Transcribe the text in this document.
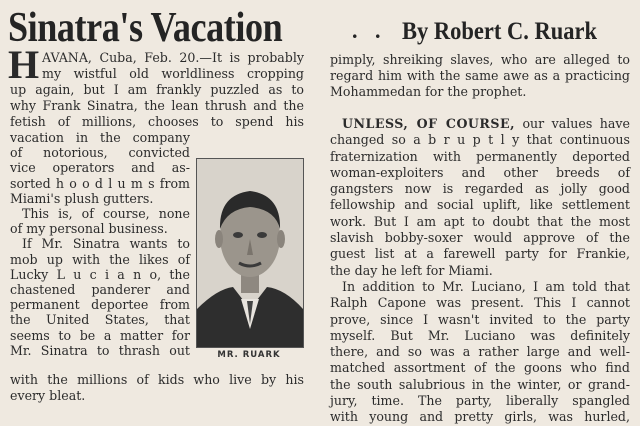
Sinatra's Vacation	. . By Robert C. Ruark
H AVANA, Cuba, Feb. 20.—It is probably
my wistful old worldliness cropping
up again, but I am frankly puzzled as to
why Frank Sinatra, the lean thrush and the
fetish of millions, chooses to spend his
vacation in the company
of notorious, convicted
vice operators and as-
sorted h o o d l u m s from
Miami's plush gutters.
This is, of course, none
of my personal business.
If Mr. Sinatra wants to
mob up with the likes of
Lucky L u c i a n o, the
chastened panderer and
permanent deportee from
the United States, that
seems to be a matter for
Mr. Sinatra to thrash out	MR. RUARK
with the millions of kids who live by his
every bleat.
pimply, shreiking slaves, who are alleged to
regard him with the same awe as a practicing
Mohammedan for the prophet.
UNLESS, OF COURSE, our values have
changed so a b r u p t l y that continuous
fraternization with permanently deported
woman-exploiters and other breeds of
gangsters now is regarded as jolly good
fellowship and social uplift, like settlement
work. But I am apt to doubt that the most
slavish bobby-soxer would approve of the
guest list at a farewell party for Frankie,
the day he left for Miami.
In addition to Mr. Luciano, I am told that
Ralph Capone was present. This I cannot
prove, since I wasn't invited to the party
myself. But Mr. Luciano was definitely
there, and so was a rather large and well-
matched assortment of the goons who find
the south salubrious in the winter, or grand-
jury, time. The party, liberally spangled
with young and pretty girls, was hurled,
